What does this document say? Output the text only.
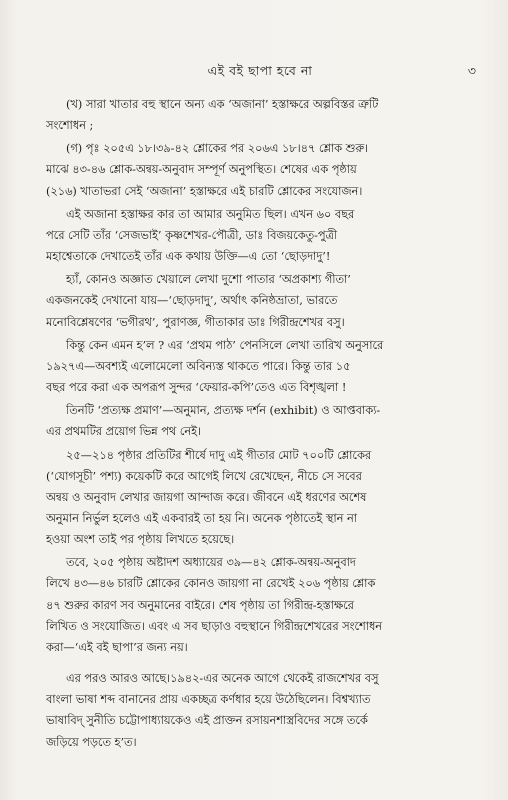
এই বই ছাপা হবে না	৩

(খ) সারা খাতার বহু স্থানে অন্য এক ‘অজানা’ হস্তাক্ষরে অল্পবিস্তর ত্রুটি
সংশোধন ;

(গ) পৃঃ ২০৫এ ১৮।৩৯-৪২ শ্লোকের পর ২০৬এ ১৮।৪৭ শ্লোক শুরু।
মাঝে ৪৩-৪৬ শ্লোক-অন্বয়-অনুবাদ সম্পূর্ণ অনুপস্থিত। শেষের এক পৃষ্ঠায়
(২১৬) খাতাভরা সেই ‘অজানা’ হস্তাক্ষরে এই চারটি শ্লোকের সংযোজন।

এই অজানা হস্তাক্ষর কার তা আমার অনুমিত ছিল। এখন ৬০ বছর
পরে সেটি তাঁর ‘সেজভাই’ কৃষ্ণশেখর-পৌত্রী, ডাঃ বিজয়কেতু-পুত্রী
মহাশ্বেতাকে দেখাতেই তাঁর এক কথায় উক্তি—এ তো ‘ছোড়দাদু’!

হ্যাঁ, কোনও অজ্ঞাত খেয়ালে লেখা দুশো পাতার ‘অপ্রকাশ্য গীতা’
একজনকেই দেখানো যায়—‘ছোড়দাদু’, অর্থাৎ কনিষ্ঠভ্রাতা, ভারতে
মনোবিশ্লেষণের ‘ভগীরথ’, পুরাণজ্ঞ, গীতাকার ডাঃ গিরীন্দ্রশেখর বসু।

কিন্তু কেন এমন হ’ল ? এর ‘প্রথম পাঠ’ পেনসিলে লেখা তারিখ অনুসারে
১৯২৭এ—অবশ্যই এলোমেলো অবিন্যস্ত থাকতে পারে। কিন্তু তার ১৫
বছর পরে করা এক অপরূপ সুন্দর ‘ফেয়ার-কপি’তেও এত বিশৃঙ্খলা !

তিনটি ‘প্রত্যক্ষ প্রমাণ’—অনুমান, প্রত্যক্ষ দর্শন (exhibit) ও আপ্তবাক্য-
এর প্রথমটির প্রয়োগ ভিন্ন পথ নেই।

২৫—২১৪ পৃষ্ঠার প্রতিটির শীর্ষে দাদু এই গীতার মোট ৭০০টি শ্লোকের
(‘যোগসূচী’ পশ্য) কয়েকটি করে আগেই লিখে রেখেছেন, নীচে সে সবের
অন্বয় ও অনুবাদ লেখার জায়গা আন্দাজ করে। জীবনে এই ধরণের অশেষ
অনুমান নির্ভুল হলেও এই একবারই তা হয় নি। অনেক পৃষ্ঠাতেই স্থান না
হওয়া অংশ তাই পর পৃষ্ঠায় লিখতে হয়েছে।

তবে, ২০৫ পৃষ্ঠায় অষ্টাদশ অধ্যায়ের ৩৯—৪২ শ্লোক-অন্বয়-অনুবাদ
লিখে ৪৩—৪৬ চারটি শ্লোকের কোনও জায়গা না রেখেই ২০৬ পৃষ্ঠায় শ্লোক
৪৭ শুরুর কারণ সব অনুমানের বাইরে। শেষ পৃষ্ঠায় তা গিরীন্দ্র-হস্তাক্ষরে
লিখিত ও সংযোজিত। এবং এ সব ছাড়াও বহুস্থানে গিরীন্দ্রশেখরের সংশোধন
করা—‘এই বই ছাপা’র জন্য নয়।

এর পরও আরও আছে।১৯৪২-এর অনেক আগে থেকেই রাজশেখর বসু
বাংলা ভাষা শব্দ বানানের প্রায় একচ্ছত্র কর্ণধার হয়ে উঠেছিলেন। বিশ্বখ্যাত
ভাষাবিদ্‌ সুনীতি চট্টোপাধ্যায়কেও এই প্রাক্তন রসায়নশাস্ত্রবিদের সঙ্গে তর্কে
জড়িয়ে পড়তে হ’ত।
